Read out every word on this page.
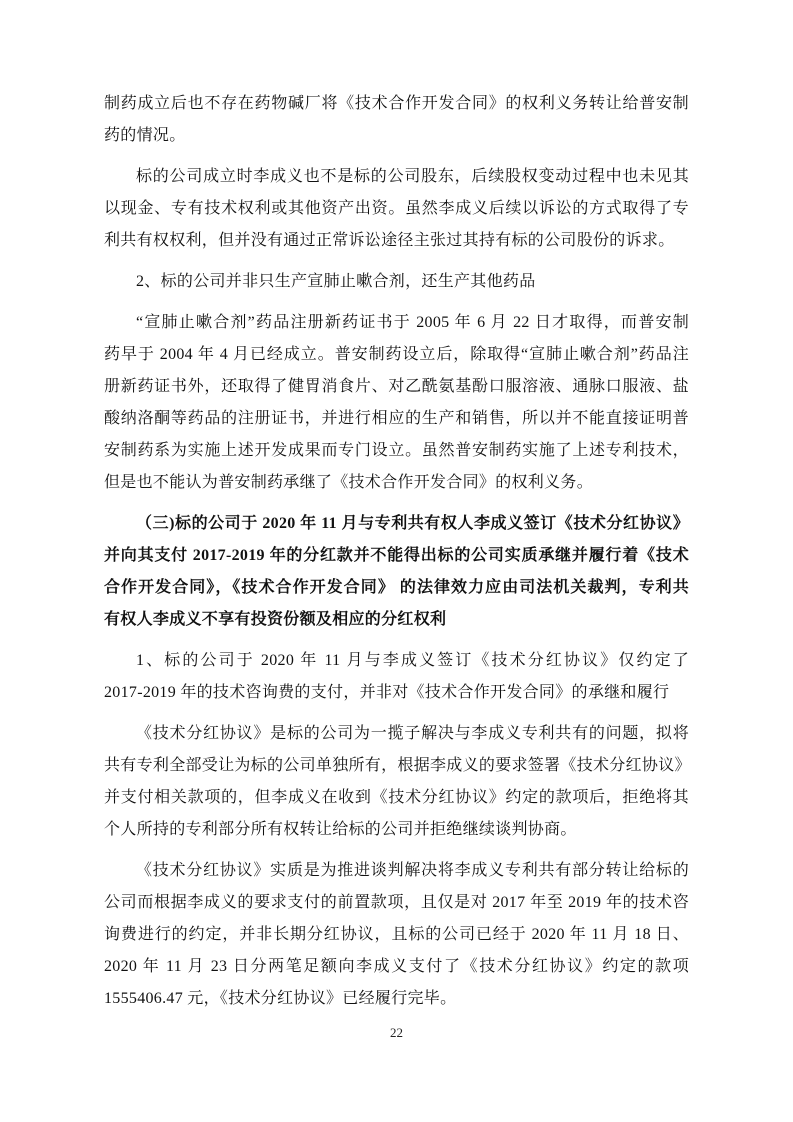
制药成立后也不存在药物碱厂将《技术合作开发合同》的权利义务转让给普安制
药的情况。
标的公司成立时李成义也不是标的公司股东，后续股权变动过程中也未见其
以现金、专有技术权利或其他资产出资。虽然李成义后续以诉讼的方式取得了专
利共有权权利，但并没有通过正常诉讼途径主张过其持有标的公司股份的诉求。
2、标的公司并非只生产宣肺止嗽合剂，还生产其他药品
“宣肺止嗽合剂”药品注册新药证书于 2005 年 6 月 22 日才取得，而普安制
药早于 2004 年 4 月已经成立。普安制药设立后，除取得“宣肺止嗽合剂”药品注
册新药证书外，还取得了健胃消食片、对乙酰氨基酚口服溶液、通脉口服液、盐
酸纳洛酮等药品的注册证书，并进行相应的生产和销售，所以并不能直接证明普
安制药系为实施上述开发成果而专门设立。虽然普安制药实施了上述专利技术，
但是也不能认为普安制药承继了《技术合作开发合同》的权利义务。
（三)标的公司于 2020 年 11 月与专利共有权人李成义签订《技术分红协议》
并向其支付 2017-2019 年的分红款并不能得出标的公司实质承继并履行着《技术
合作开发合同》，《技术合作开发合同》 的法律效力应由司法机关裁判，专利共
有权人李成义不享有投资份额及相应的分红权利
1、标的公司于 2020 年 11 月与李成义签订《技术分红协议》仅约定了
2017-2019 年的技术咨询费的支付，并非对《技术合作开发合同》的承继和履行
《技术分红协议》是标的公司为一揽子解决与李成义专利共有的问题，拟将
共有专利全部受让为标的公司单独所有，根据李成义的要求签署《技术分红协议》
并支付相关款项的，但李成义在收到《技术分红协议》约定的款项后，拒绝将其
个人所持的专利部分所有权转让给标的公司并拒绝继续谈判协商。
《技术分红协议》实质是为推进谈判解决将李成义专利共有部分转让给标的
公司而根据李成义的要求支付的前置款项，且仅是对 2017 年至 2019 年的技术咨
询费进行的约定，并非长期分红协议，且标的公司已经于 2020 年 11 月 18 日、
2020 年 11 月 23 日分两笔足额向李成义支付了《技术分红协议》约定的款项
1555406.47 元，《技术分红协议》已经履行完毕。
22
